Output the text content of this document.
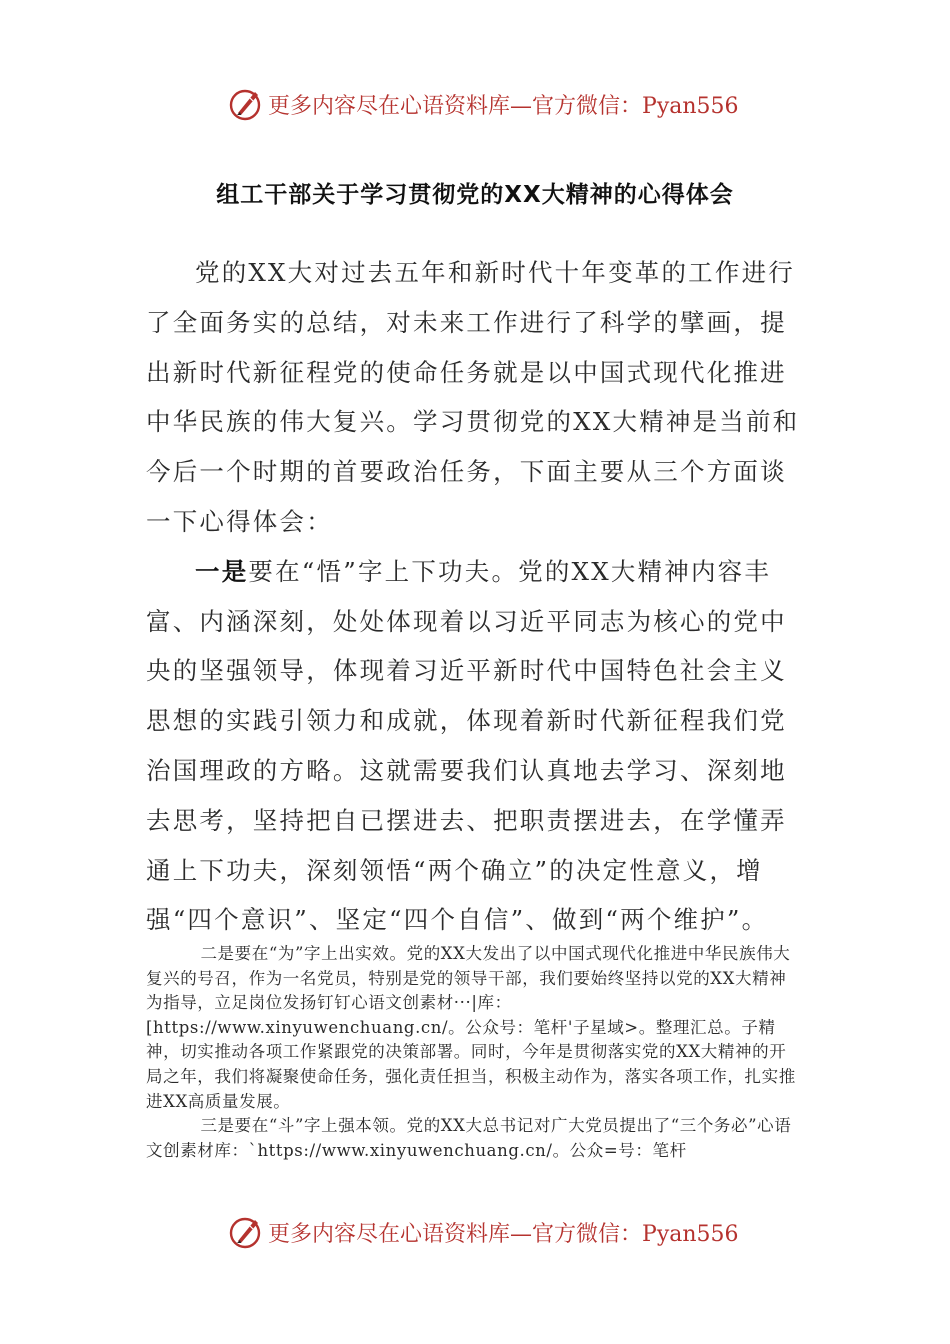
更多内容尽在心语资料库—官方微信：Pyan556
组工干部关于学习贯彻党的XX大精神的心得体会

党的XX大对过去五年和新时代十年变革的工作进行了全面务实的总结，对未来工作进行了科学的擘画，提出新时代新征程党的使命任务就是以中国式现代化推进中华民族的伟大复兴。学习贯彻党的XX大精神是当前和今后一个时期的首要政治任务，下面主要从三个方面谈一下心得体会：

一是要在“悟”字上下功夫。党的XX大精神内容丰富、内涵深刻，处处体现着以习近平同志为核心的党中央的坚强领导，体现着习近平新时代中国特色社会主义思想的实践引领力和成就，体现着新时代新征程我们党治国理政的方略。这就需要我们认真地去学习、深刻地去思考，坚持把自已摆进去、把职责摆进去，在学懂弄通上下功夫，深刻领悟“两个确立”的决定性意义，增强“四个意识”、坚定“四个自信”、做到“两个维护”。

二是要在“为”字上出实效。党的XX大发出了以中国式现代化推进中华民族伟大复兴的号召，作为一名党员，特别是党的领导干部，我们要始终坚持以党的XX大精神为指导，立足岗位发扬钉钉心语文创素材···|库：[https://www.xinyuwenchuang.cn/。公众号：笔杆'子星域>。整理汇总。子精神，切实推动各项工作紧跟党的决策部署。同时，今年是贯彻落实党的XX大精神的开局之年，我们将凝聚使命任务，强化责任担当，积极主动作为，落实各项工作，扎实推进XX高质量发展。

三是要在“斗”字上强本领。党的XX大总书记对广大党员提出了“三个务必”心语文创素材库：`https://www.xinyuwenchuang.cn/。公众=号：笔杆

更多内容尽在心语资料库—官方微信：Pyan556
